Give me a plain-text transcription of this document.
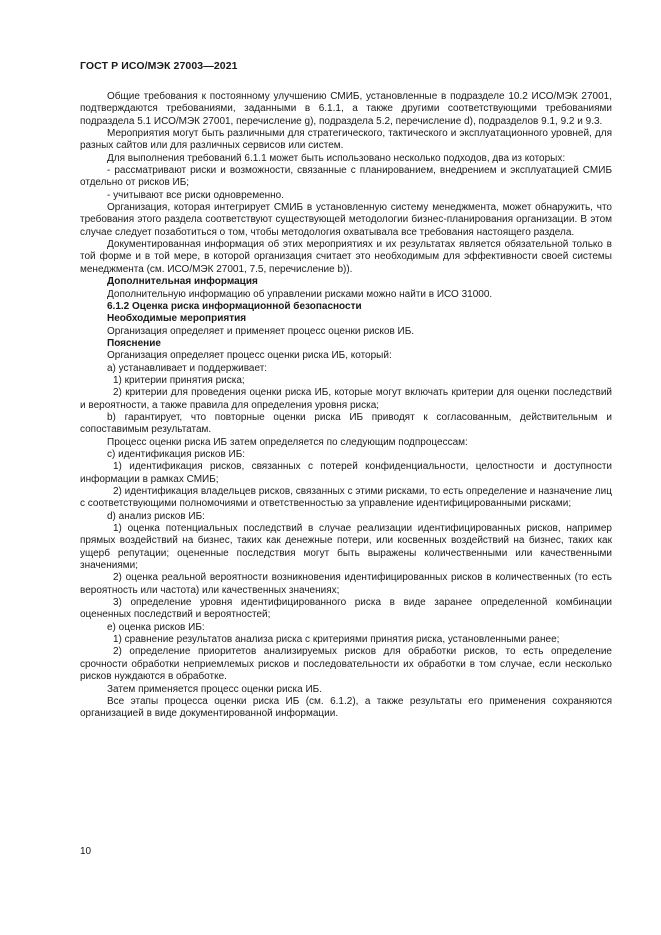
ГОСТ Р ИСО/МЭК 27003—2021

Общие требования к постоянному улучшению СМИБ, установленные в подразделе 10.2 ИСО/МЭК 27001, подтверждаются требованиями, заданными в 6.1.1, а также другими соответствующими требованиями подраздела 5.1 ИСО/МЭК 27001, перечисление g), подраздела 5.2, перечисление d), подразделов 9.1, 9.2 и 9.3.

Мероприятия могут быть различными для стратегического, тактического и эксплуатационного уровней, для разных сайтов или для различных сервисов или систем.

Для выполнения требований 6.1.1 может быть использовано несколько подходов, два из которых:

- рассматривают риски и возможности, связанные с планированием, внедрением и эксплуатацией СМИБ отдельно от рисков ИБ;

- учитывают все риски одновременно.

Организация, которая интегрирует СМИБ в установленную систему менеджмента, может обнаружить, что требования этого раздела соответствуют существующей методологии бизнес-планирования организации. В этом случае следует позаботиться о том, чтобы методология охватывала все требования настоящего раздела.

Документированная информация об этих мероприятиях и их результатах является обязательной только в той форме и в той мере, в которой организация считает это необходимым для эффективности своей системы менеджмента (см. ИСО/МЭК 27001, 7.5, перечисление b)).

Дополнительная информация

Дополнительную информацию об управлении рисками можно найти в ИСО 31000.

6.1.2 Оценка риска информационной безопасности

Необходимые мероприятия

Организация определяет и применяет процесс оценки рисков ИБ.

Пояснение

Организация определяет процесс оценки риска ИБ, который:

a) устанавливает и поддерживает:

1) критерии принятия риска;

2) критерии для проведения оценки риска ИБ, которые могут включать критерии для оценки последствий и вероятности, а также правила для определения уровня риска;

b) гарантирует, что повторные оценки риска ИБ приводят к согласованным, действительным и сопоставимым результатам.

Процесс оценки риска ИБ затем определяется по следующим подпроцессам:

c) идентификация рисков ИБ:

1) идентификация рисков, связанных с потерей конфиденциальности, целостности и доступности информации в рамках СМИБ;

2) идентификация владельцев рисков, связанных с этими рисками, то есть определение и назначение лиц с соответствующими полномочиями и ответственностью за управление идентифицированными рисками;

d) анализ рисков ИБ:

1) оценка потенциальных последствий в случае реализации идентифицированных рисков, например прямых воздействий на бизнес, таких как денежные потери, или косвенных воздействий на бизнес, таких как ущерб репутации; оцененные последствия могут быть выражены количественными или качественными значениями;

2) оценка реальной вероятности возникновения идентифицированных рисков в количественных (то есть вероятность или частота) или качественных значениях;

3) определение уровня идентифицированного риска в виде заранее определенной комбинации оцененных последствий и вероятностей;

e) оценка рисков ИБ:

1) сравнение результатов анализа риска с критериями принятия риска, установленными ранее;

2) определение приоритетов анализируемых рисков для обработки рисков, то есть определение срочности обработки неприемлемых рисков и последовательности их обработки в том случае, если несколько рисков нуждаются в обработке.

Затем применяется процесс оценки риска ИБ.

Все этапы процесса оценки риска ИБ (см. 6.1.2), а также результаты его применения сохраняются организацией в виде документированной информации.

10
